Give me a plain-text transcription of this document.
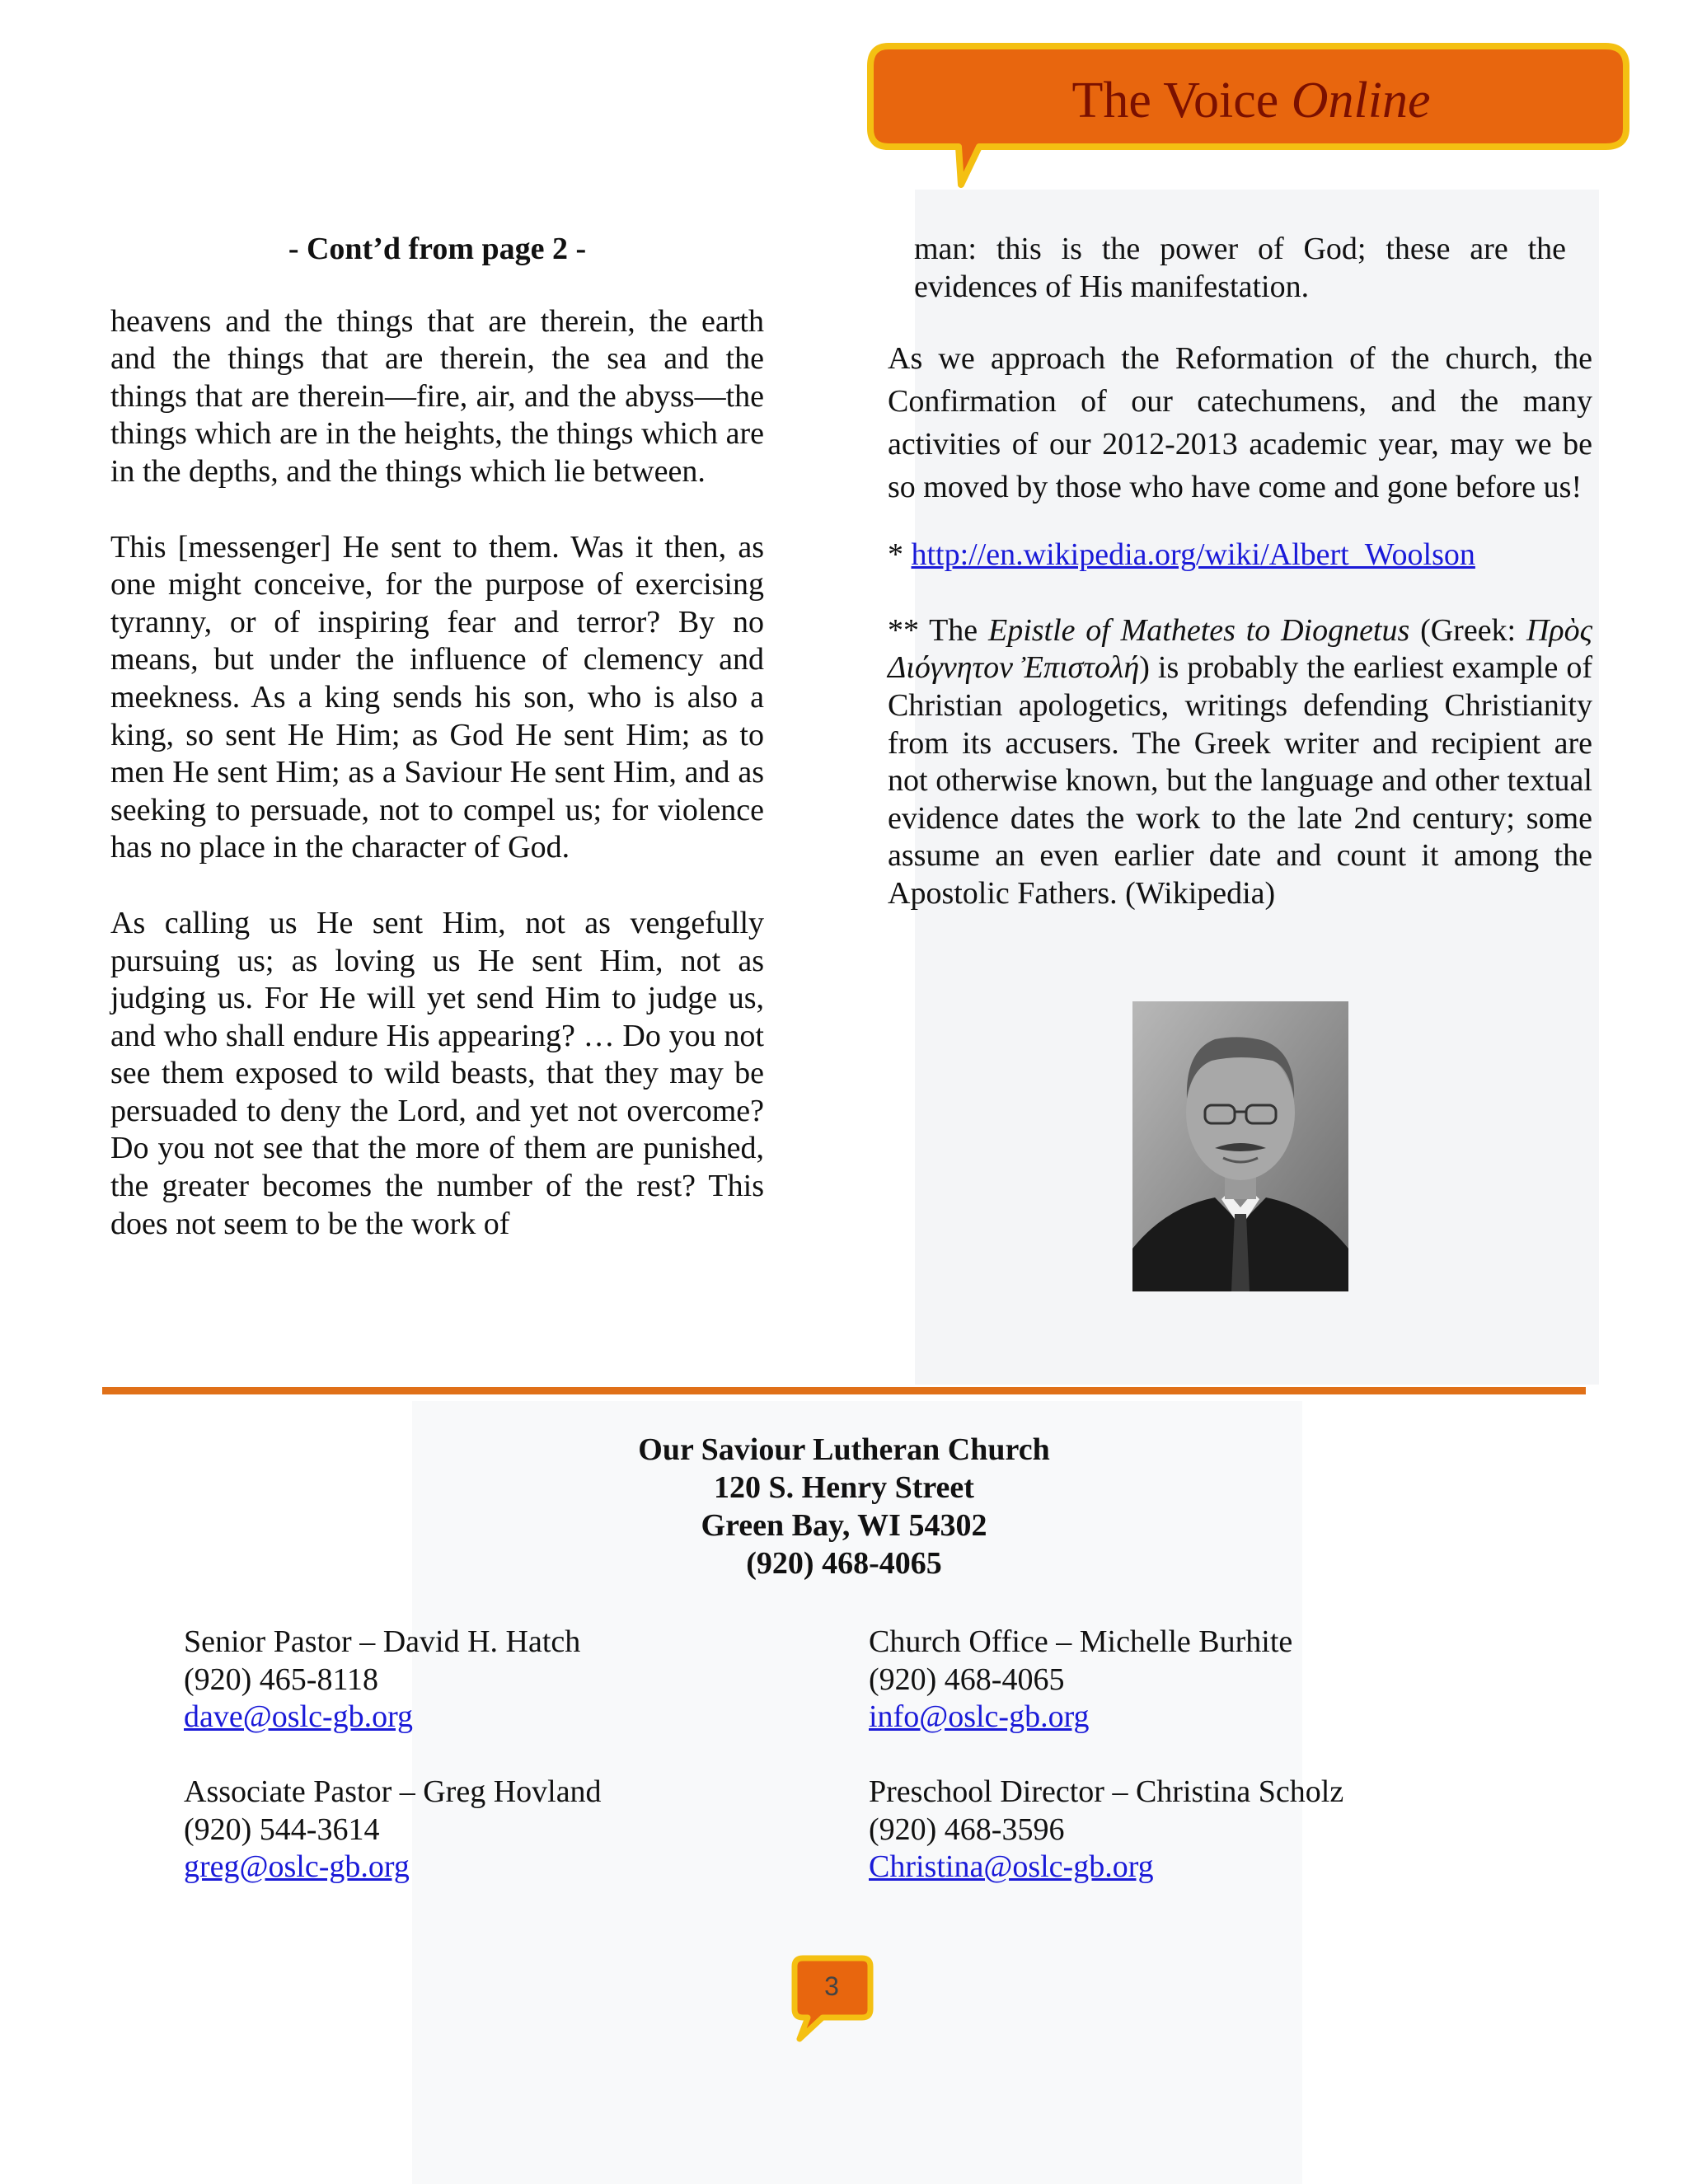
The Voice Online

- Cont’d from page 2 -

heavens and the things that are therein, the earth and the things that are therein, the sea and the things that are therein—fire, air, and the abyss—the things which are in the heights, the things which are in the depths, and the things which lie between.

This [messenger] He sent to them. Was it then, as one might conceive, for the purpose of exercising tyranny, or of inspiring fear and terror? By no means, but under the influence of clemency and meekness. As a king sends his son, who is also a king, so sent He Him; as God He sent Him; as to men He sent Him; as a Saviour He sent Him, and as seeking to persuade, not to compel us; for violence has no place in the character of God.

As calling us He sent Him, not as vengefully pursuing us; as loving us He sent Him, not as judging us. For He will yet send Him to judge us, and who shall endure His appearing? … Do you not see them exposed to wild beasts, that they may be persuaded to deny the Lord, and yet not overcome? Do you not see that the more of them are punished, the greater becomes the number of the rest? This does not seem to be the work of

man: this is the power of God; these are the evidences of His manifestation.

As we approach the Reformation of the church, the Confirmation of our catechumens, and the many activities of our 2012-2013 academic year, may we be so moved by those who have come and gone before us!

* http://en.wikipedia.org/wiki/Albert_Woolson

** The Epistle of Mathetes to Diognetus (Greek: Πρὸς Διόγνητον Ἐπιστολή) is probably the earliest example of Christian apologetics, writings defending Christianity from its accusers. The Greek writer and recipient are not otherwise known, but the language and other textual evidence dates the work to the late 2nd century; some assume an even earlier date and count it among the Apostolic Fathers. (Wikipedia)

Our Saviour Lutheran Church
120 S. Henry Street
Green Bay, WI 54302
(920) 468-4065
Senior Pastor – David H. Hatch
(920) 465-8118
dave@oslc-gb.org
Church Office – Michelle Burhite
(920) 468-4065
info@oslc-gb.org
Associate Pastor – Greg Hovland
(920) 544-3614
greg@oslc-gb.org
Preschool Director – Christina Scholz
(920) 468-3596
Christina@oslc-gb.org
3
